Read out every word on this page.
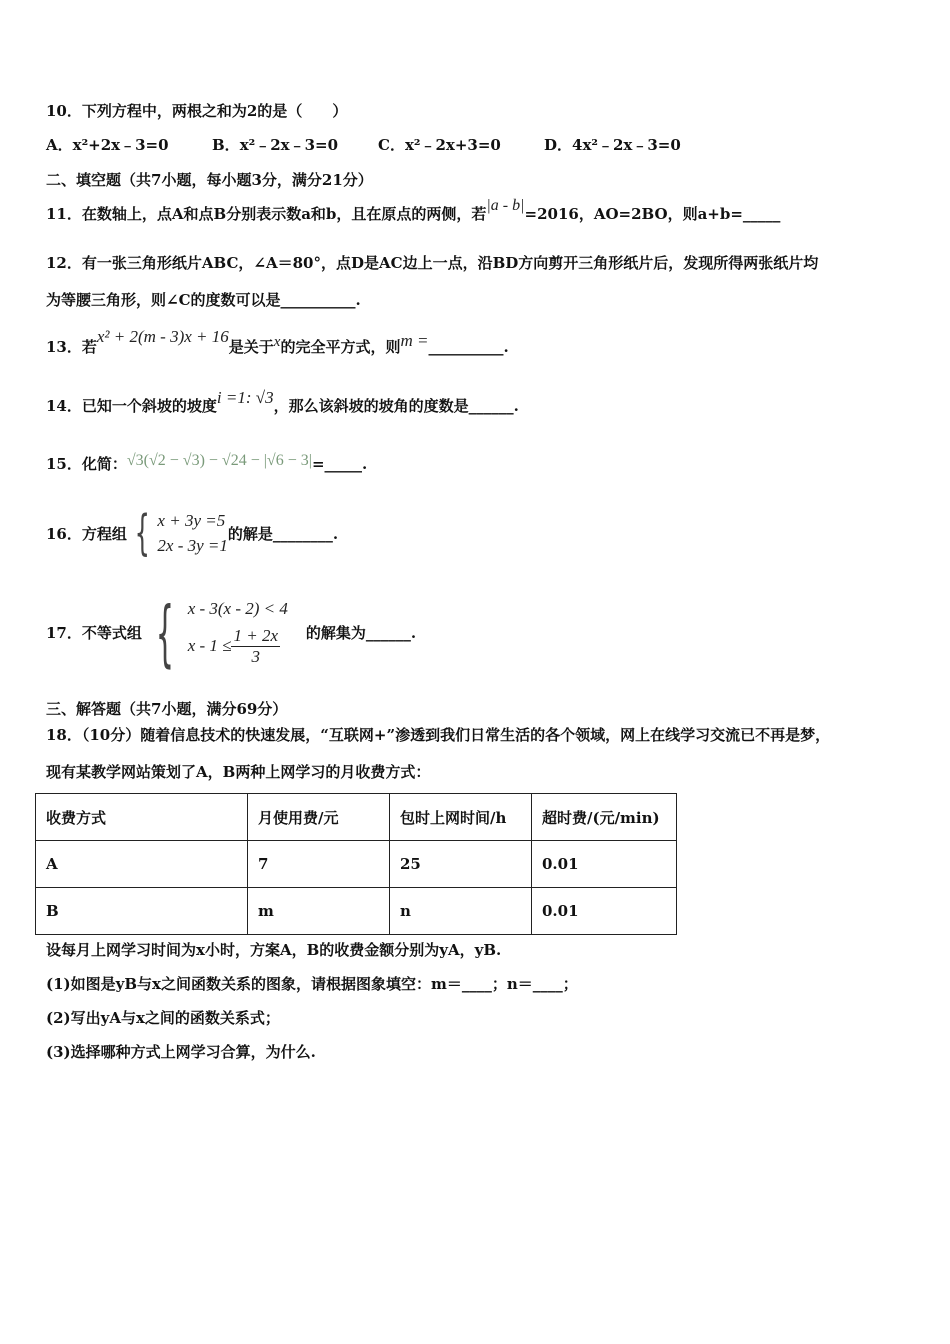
10．下列方程中，两根之和为2的是（　　）
A．x²+2x﹣3=0	B．x²﹣2x﹣3=0	C．x²﹣2x+3=0	D．4x²﹣2x﹣3=0
二、填空题（共7小题，每小题3分，满分21分）
11．在数轴上，点A和点B分别表示数a和b，且在原点的两侧，若|a - b|=2016，AO=2BO，则a+b=_____
12．有一张三角形纸片ABC，∠A＝80°，点D是AC边上一点，沿BD方向剪开三角形纸片后，发现所得两张纸片均
为等腰三角形，则∠C的度数可以是__________.
13．若x² + 2(m - 3)x + 16是关于x的完全平方式，则m =__________.
14．已知一个斜坡的坡度i =1: √3，那么该斜坡的坡角的度数是______.
15．化简：√3(√2 − √3) − √24 − |√6 − 3|=_____.
16．方程组 { x + 3y =5
2x - 3y =1
的解是________.
17．不等式组 { x - 3(x - 2) < 4
$x - 1 \le \frac{1 + 2x}{3}$ 的解集为______.
三、解答题（共7小题，满分69分）
18．（10分）随着信息技术的快速发展，“互联网+”渗透到我们日常生活的各个领域，网上在线学习交流已不再是梦，
现有某教学网站策划了A，B两种上网学习的月收费方式：
收费方式	月使用费/元	包时上网时间/h	超时费/(元/min)
A	7	25	0.01
B	m	n	0.01
设每月上网学习时间为x小时，方案A，B的收费金额分别为yA，yB.
(1)如图是yB与x之间函数关系的图象，请根据图象填空：m＝____；n＝____；
(2)写出yA与x之间的函数关系式；
(3)选择哪种方式上网学习合算，为什么.
